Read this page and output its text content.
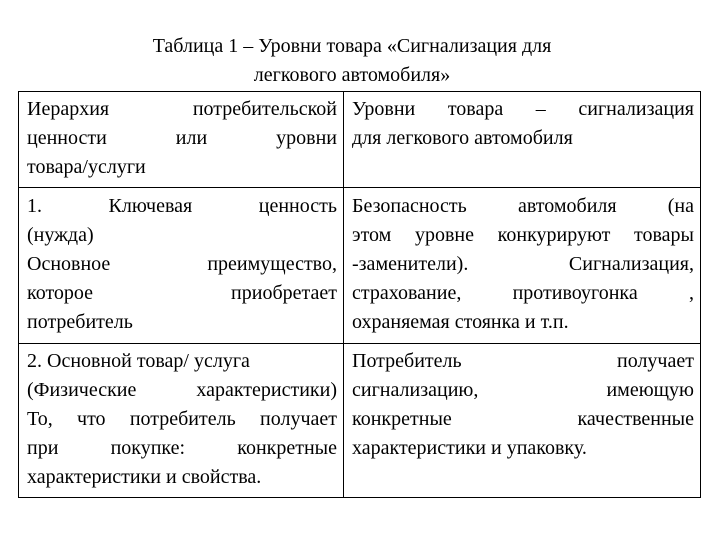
Таблица 1 – Уровни товара «Сигнализация для
легкового автомобиля»
Иерархия потребительской
ценности или уровни
товара/услуги	Уровни товара – сигнализация
для легкового автомобиля

1. Ключевая ценность
(нужда)
Основное преимущество,
которое приобретает
потребитель	Безопасность автомобиля (на
этом уровне конкурируют товары
-заменители). Сигнализация,
страхование, противоугонка ,
охраняемая стоянка и т.п.

2. Основной товар/ услуга
(Физические характеристики)
То, что потребитель получает
при покупке: конкретные
характеристики и свойства.	Потребитель получает
сигнализацию, имеющую
конкретные качественные
характеристики и упаковку.
